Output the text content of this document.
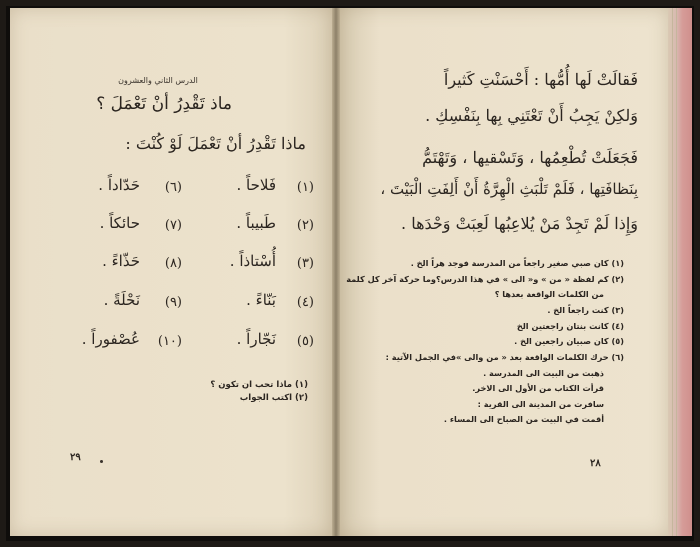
الدرس الثاني والعشرون
ماذ تَقْدِرُ أنْ تَعْمَلَ ؟
ماذا تَقْدِرُ أنْ تَعْمَلَ لَوْ كُنْتَ :
(١)
فَلاحاً .
(٢)
طَبيباً .
(٣)
أُسْتاذاً .
(٤)
بَنّاءً .
(٥)
نَجّاراً .
(٦)
حَدّاداً .
(٧)
حائكاً .
(٨)
حَذّاءً .
(٩)
نَحْلَةً .
(١٠)
عُصْفوراً .
(١) ماذا تحب ان تكون ؟
(٢) اكتب الجواب
٢٩
فَقالَتْ لَها أُمُّها : أَحْسَنْتِ كَثيراً
وَلكِنْ يَجِبُ أَنْ تَعْتَنِي بِها بِنَفْسِكِ .
فَجَعَلَتْ تُطْعِمُها ، وَتَسْقيها ، وَتَهْتَمُّ
بِنَظافَتِها ، فَلَمْ تَلْبَثِ الْهِرَّةُ أَنْ أَلِفَتِ الْبَيْتَ ،
وَإِذا لَمْ تَجِدْ مَنْ يُلاعِبُها لَعِبَتْ وَحْدَها .
(١) كان صبي صغير راجعاً من المدرسة فوجد هراً الخ .
(٢) كم لفظة « من » و« الى » في هذا الدرس؟وما حركة آخر كل كلمة
من الكلمات الواقعة بعدها ؟
(٣) كنت راجعاً الخ .
(٤) كانت بنتان راجعتين الخ
(٥) كان صبيان راجعين الخ .
(٦) حرك الكلمات الواقعة بعد « من والى »في الجمل الآتية :
ذهبت من البيت الى المدرسة .
قرأت الكتاب من الأول الى الاخر.
سافرت من المدينة الى القرية :
أقمت في البيت من الصباح الى المساء .
٢٨
